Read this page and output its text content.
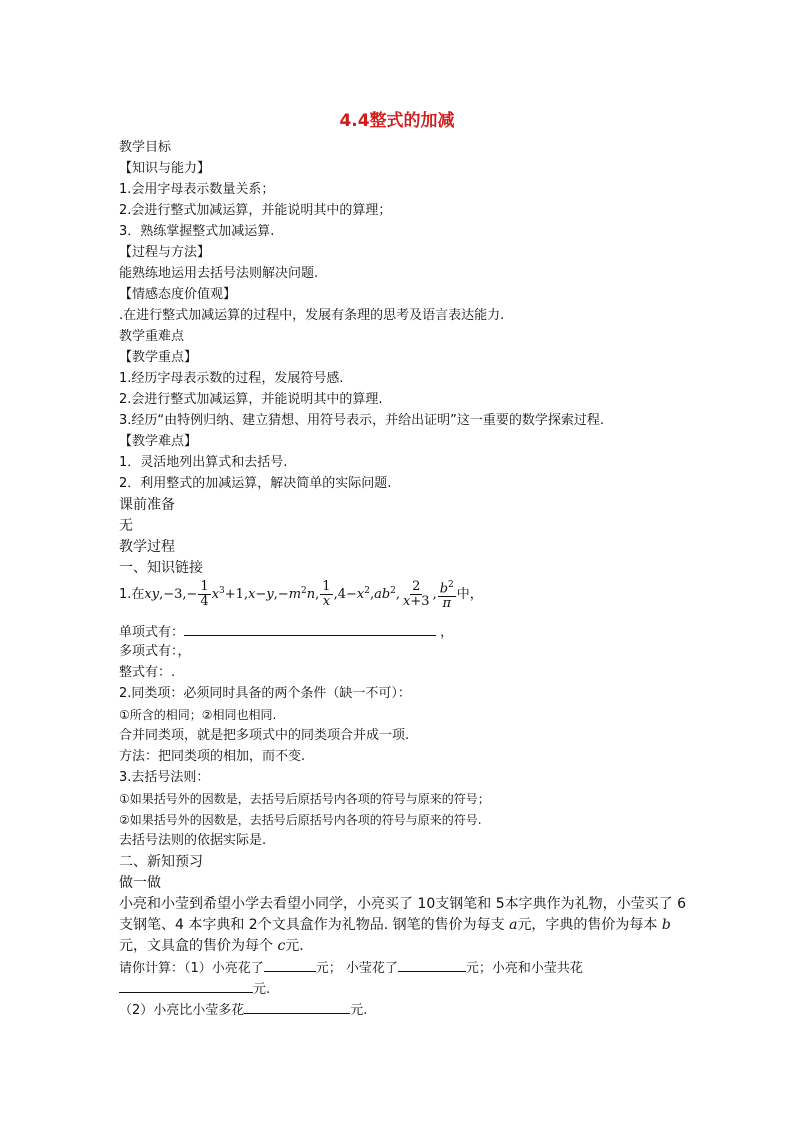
4.4整式的加减
教学目标
【知识与能力】
1.会用字母表示数量关系；
2.会进行整式加减运算，并能说明其中的算理；
3．熟练掌握整式加减运算.
【过程与方法】
能熟练地运用去括号法则解决问题.
【情感态度价值观】
.在进行整式加减运算的过程中，发展有条理的思考及语言表达能力.
教学重难点
【教学重点】
1.经历字母表示数的过程，发展符号感.
2.会进行整式加减运算，并能说明其中的算理.
3.经历“由特例归纳、建立猜想、用符号表示，并给出证明”这一重要的数学探索过程.
【教学难点】
1．灵活地列出算式和去括号.
2．利用整式的加减运算，解决简单的实际问题.
课前准备
无
教学过程
一、知识链接
1.在$xy,-3,- \frac{1}{4} x^3+1,x-y,-m^2n$, $\frac{1}{x} ,4-x^2,ab^2$, $\frac{2}{x+3}$ , $\frac{b^2}{\pi}$ 中，
单项式有：	，
多项式有：，
整式有：.
2.同类项：必须同时具备的两个条件（缺一不可）：
①所含的相同；②相同也相同.
合并同类项，就是把多项式中的同类项合并成一项.
方法：把同类项的相加，而不变.
3.去括号法则：
①如果括号外的因数是，去括号后原括号内各项的符号与原来的符号；
②如果括号外的因数是，去括号后原括号内各项的符号与原来的符号.
去括号法则的依据实际是.
二、新知预习
做一做
小亮和小莹到希望小学去看望小同学，小亮买了 10支钢笔和 5本字典作为礼物，小莹买了 6
支钢笔、4 本字典和 2个文具盒作为礼物品. 钢笔的售价为每支 a元，字典的售价为每本 b
元，文具盒的售价为每个 c元.
请你计算：（1）小亮花了	元； 小莹花了	元；小亮和小莹共花
元.
（2）小亮比小莹多花	元.
